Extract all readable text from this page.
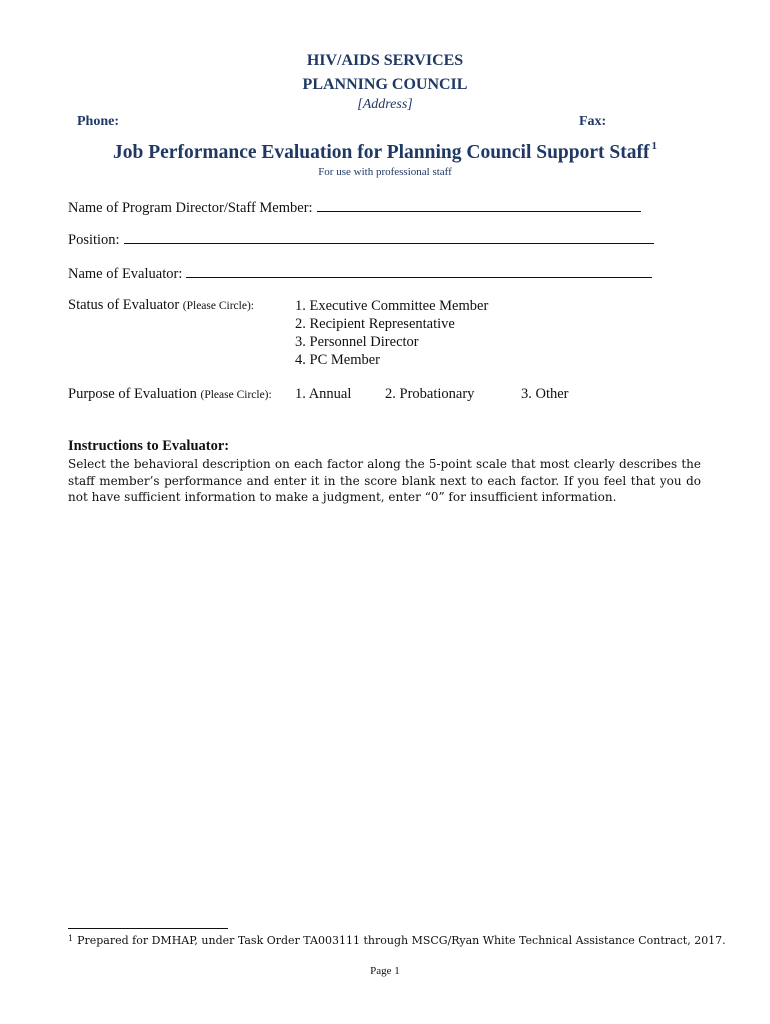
HIV/AIDS SERVICES
PLANNING COUNCIL
[Address]
Phone:	Fax:
Job Performance Evaluation for Planning Council Support Staff $^1$
For use with professional staff
Name of Program Director/Staff Member:
Position:
Name of Evaluator:
Status of Evaluator (Please Circle):	1. Executive Committee Member
2. Recipient Representative
3. Personnel Director
4. PC Member
Purpose of Evaluation (Please Circle): 1. Annual 2. Probationary	3. Other
Instructions to Evaluator:
Select the behavioral description on each factor along the 5-point scale that most clearly describes the staff member’s performance and enter it in the score blank next to each factor. If you feel that you do not have sufficient information to make a judgment, enter “0” for insufficient information.
$^1$ Prepared for DMHAP, under Task Order TA003111 through MSCG/Ryan White Technical Assistance Contract, 2017.
Page 1
